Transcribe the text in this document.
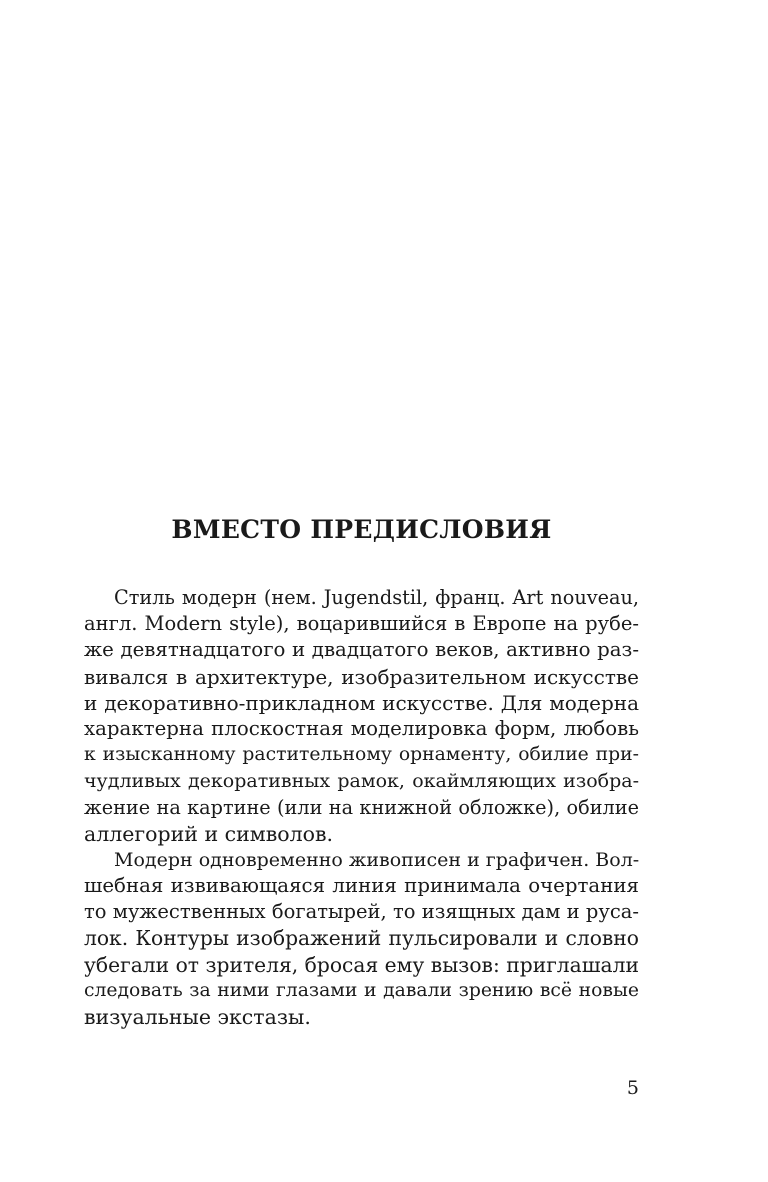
ВМЕСТО ПРЕДИСЛОВИЯ

Стиль модерн (нем. Jugendstil, франц. Art nouveau,
англ. Modern style), воцарившийся в Европе на рубе-
же девятнадцатого и двадцатого веков, активно раз-
вивался в архитектуре, изобразительном искусстве
и декоративно-прикладном искусстве. Для модерна
характерна плоскостная моделировка форм, любовь
к изысканному растительному орнаменту, обилие при-
чудливых декоративных рамок, окаймляющих изобра-
жение на картине (или на книжной обложке), обилие
аллегорий и символов.

Модерн одновременно живописен и графичен. Вол-
шебная извивающаяся линия принимала очертания
то мужественных богатырей, то изящных дам и руса-
лок. Контуры изображений пульсировали и словно
убегали от зрителя, бросая ему вызов: приглашали
следовать за ними глазами и давали зрению всё новые
визуальные экстазы.

5
